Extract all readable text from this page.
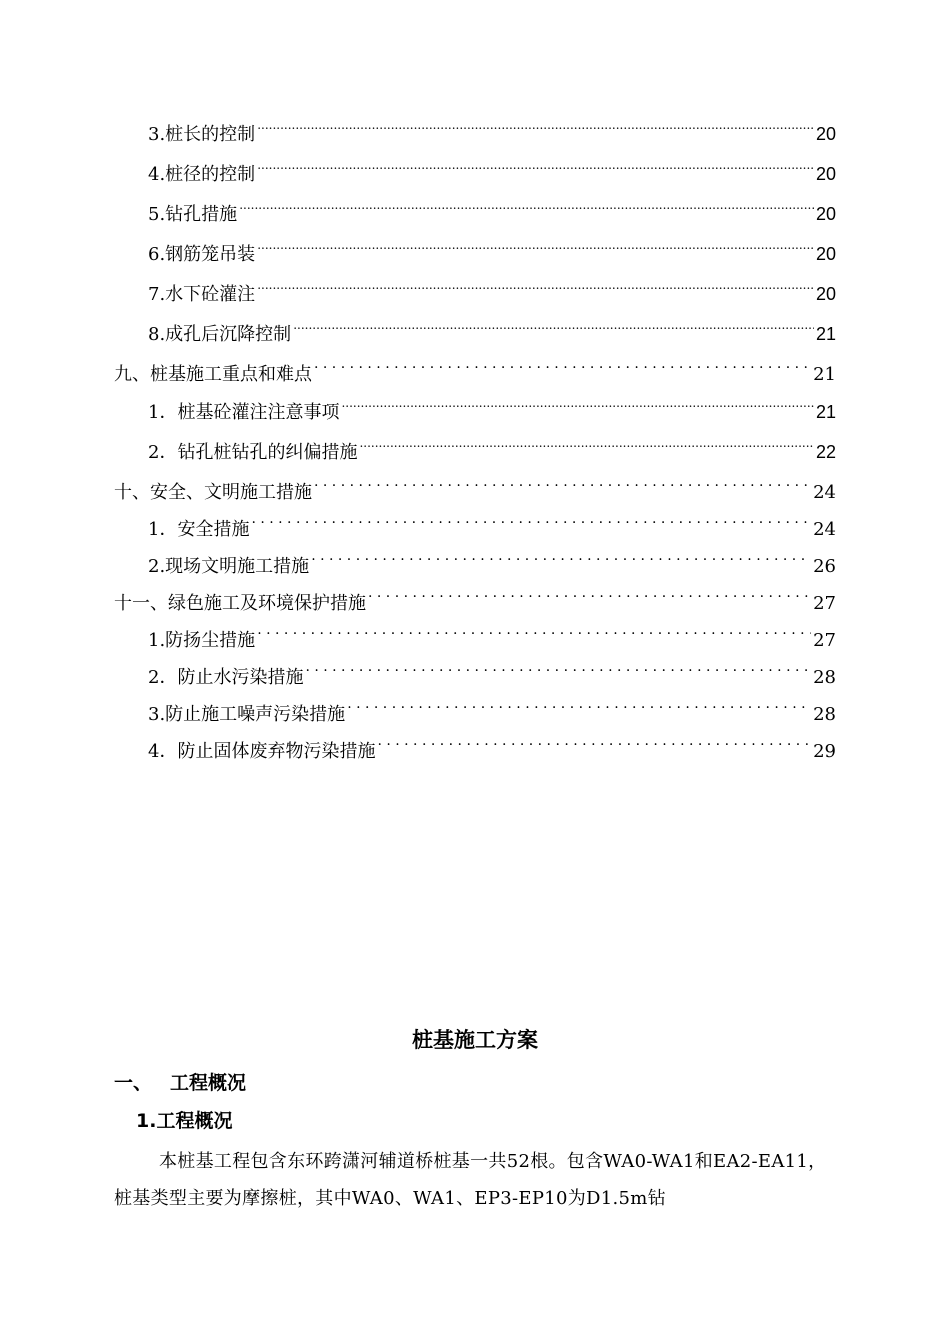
3.桩长的控制 .....	20
4.桩径的控制 .....	20
5.钻孔措施 .....	20
6.钢筋笼吊装 .....	20
7.水下砼灌注 .....	20
8.成孔后沉降控制 .....	21
九、桩基施工重点和难点 . . .	21
1．桩基砼灌注注意事项 .....	21
2．钻孔桩钻孔的纠偏措施 .....	22
十、安全、文明施工措施 . . .	24
1．安全措施 . . .	24
2.现场文明施工措施 . . .	26
十一、绿色施工及环境保护措施 . . .	27
1.防扬尘措施 . . .	27
2．防止水污染措施 . . .	28
3.防止施工噪声污染措施 . . .	28
4．防止固体废弃物污染措施 . . .	29
桩基施工方案
一、 工程概况
1.工程概况
本桩基工程包含东环跨潇河辅道桥桩基一共52根。包含WA0-WA1和EA2-EA11，桩基类型主要为摩擦桩，其中WA0、WA1、EP3-EP10为D1.5m钻
